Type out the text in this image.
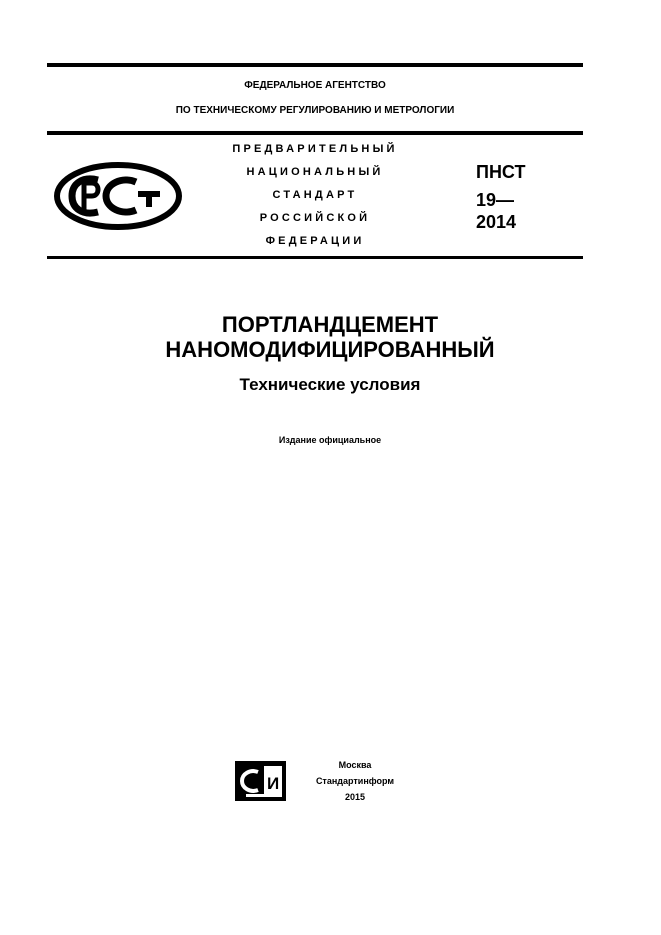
ФЕДЕРАЛЬНОЕ АГЕНТСТВО
ПО ТЕХНИЧЕСКОМУ РЕГУЛИРОВАНИЮ И МЕТРОЛОГИИ
ПРЕДВАРИТЕЛЬНЫЙ
НАЦИОНАЛЬНЫЙ
СТАНДАРТ
РОССИЙСКОЙ
ФЕДЕРАЦИИ
ПНСТ
19—
2014
ПОРТЛАНДЦЕМЕНТ
НАНОМОДИФИЦИРОВАННЫЙ
Технические условия
Издание официальное
И
Москва
Стандартинформ
2015
